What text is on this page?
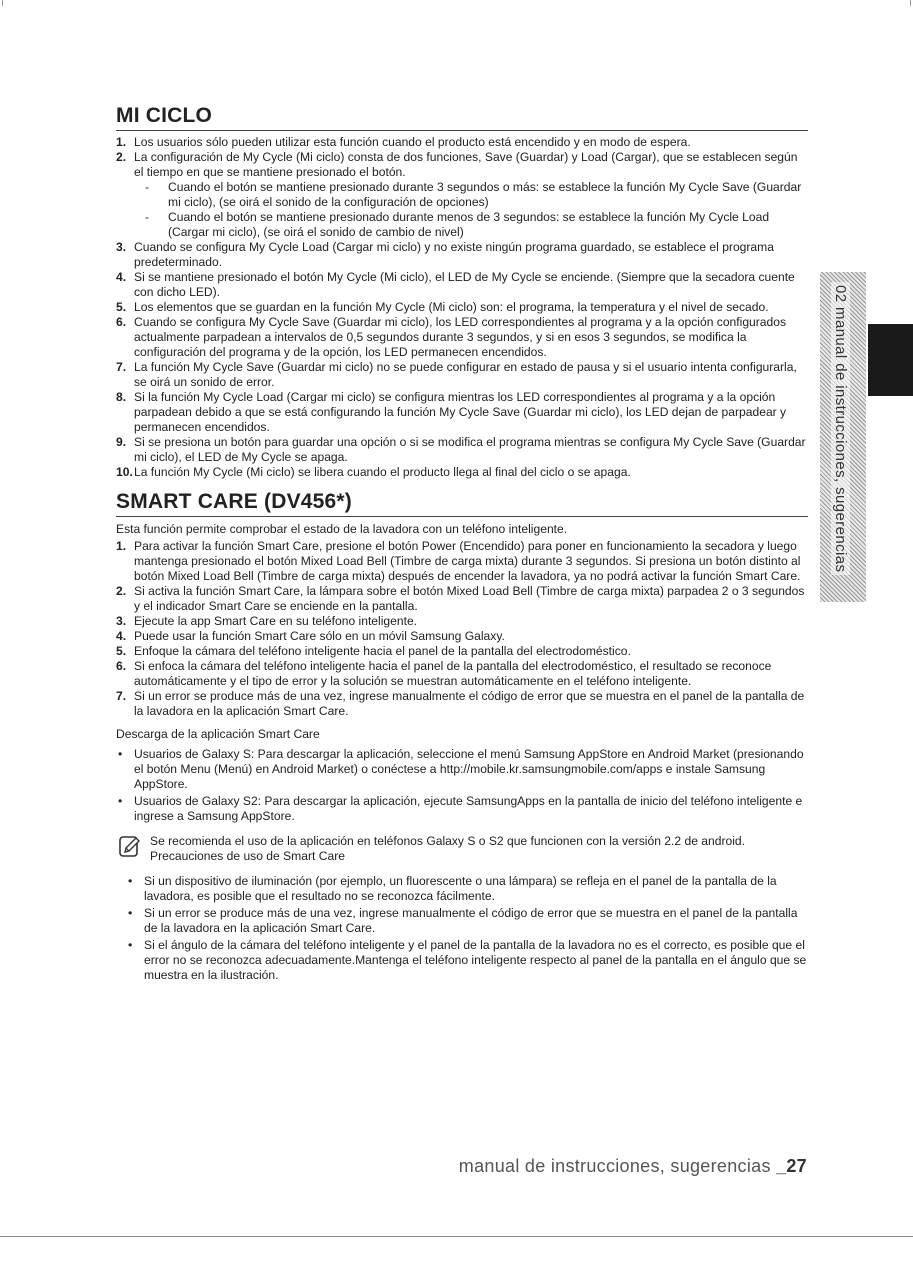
02 manual de instrucciones, sugerencias
MI CICLO
1. Los usuarios sólo pueden utilizar esta función cuando el producto está encendido y en modo de espera.
2. La configuración de My Cycle (Mi ciclo) consta de dos funciones, Save (Guardar) y Load (Cargar), que se establecen según el tiempo en que se mantiene presionado el botón.
- Cuando el botón se mantiene presionado durante 3 segundos o más: se establece la función My Cycle Save (Guardar mi ciclo), (se oirá el sonido de la configuración de opciones)
- Cuando el botón se mantiene presionado durante menos de 3 segundos: se establece la función My Cycle Load (Cargar mi ciclo), (se oirá el sonido de cambio de nivel)
3. Cuando se configura My Cycle Load (Cargar mi ciclo) y no existe ningún programa guardado, se establece el programa predeterminado.
4. Si se mantiene presionado el botón My Cycle (Mi ciclo), el LED de My Cycle se enciende. (Siempre que la secadora cuente con dicho LED).
5. Los elementos que se guardan en la función My Cycle (Mi ciclo) son: el programa, la temperatura y el nivel de secado.
6. Cuando se configura My Cycle Save (Guardar mi ciclo), los LED correspondientes al programa y a la opción configurados actualmente parpadean a intervalos de 0,5 segundos durante 3 segundos, y si en esos 3 segundos, se modifica la configuración del programa y de la opción, los LED permanecen encendidos.
7. La función My Cycle Save (Guardar mi ciclo) no se puede configurar en estado de pausa y si el usuario intenta configurarla, se oirá un sonido de error.
8. Si la función My Cycle Load (Cargar mi ciclo) se configura mientras los LED correspondientes al programa y a la opción parpadean debido a que se está configurando la función My Cycle Save (Guardar mi ciclo), los LED dejan de parpadear y permanecen encendidos.
9. Si se presiona un botón para guardar una opción o si se modifica el programa mientras se configura My Cycle Save (Guardar mi ciclo), el LED de My Cycle se apaga.
10. La función My Cycle (Mi ciclo) se libera cuando el producto llega al final del ciclo o se apaga.
SMART CARE (DV456*)

Esta función permite comprobar el estado de la lavadora con un teléfono inteligente.

1. Para activar la función Smart Care, presione el botón Power (Encendido) para poner en funcionamiento la secadora y luego mantenga presionado el botón Mixed Load Bell (Timbre de carga mixta) durante 3 segundos. Si presiona un botón distinto al botón Mixed Load Bell (Timbre de carga mixta) después de encender la lavadora, ya no podrá activar la función Smart Care.
2. Si activa la función Smart Care, la lámpara sobre el botón Mixed Load Bell (Timbre de carga mixta) parpadea 2 o 3 segundos y el indicador Smart Care se enciende en la pantalla.
3. Ejecute la app Smart Care en su teléfono inteligente.
4. Puede usar la función Smart Care sólo en un móvil Samsung Galaxy.
5. Enfoque la cámara del teléfono inteligente hacia el panel de la pantalla del electrodoméstico.
6. Si enfoca la cámara del teléfono inteligente hacia el panel de la pantalla del electrodoméstico, el resultado se reconoce automáticamente y el tipo de error y la solución se muestran automáticamente en el teléfono inteligente.
7. Si un error se produce más de una vez, ingrese manualmente el código de error que se muestra en el panel de la pantalla de la lavadora en la aplicación Smart Care.

Descarga de la aplicación Smart Care

• Usuarios de Galaxy S: Para descargar la aplicación, seleccione el menú Samsung AppStore en Android Market (presionando el botón Menu (Menú) en Android Market) o conéctese a http://mobile.kr.samsungmobile.com/apps e instale Samsung AppStore.
• Usuarios de Galaxy S2: Para descargar la aplicación, ejecute SamsungApps en la pantalla de inicio del teléfono inteligente e ingrese a Samsung AppStore.

Se recomienda el uso de la aplicación en teléfonos Galaxy S o S2 que funcionen con la versión 2.2 de android.

Precauciones de uso de Smart Care

• Si un dispositivo de iluminación (por ejemplo, un fluorescente o una lámpara) se refleja en el panel de la pantalla de la lavadora, es posible que el resultado no se reconozca fácilmente.
• Si un error se produce más de una vez, ingrese manualmente el código de error que se muestra en el panel de la pantalla de la lavadora en la aplicación Smart Care.
• Si el ángulo de la cámara del teléfono inteligente y el panel de la pantalla de la lavadora no es el correcto, es posible que el error no se reconozca adecuadamente.Mantenga el teléfono inteligente respecto al panel de la pantalla en el ángulo que se muestra en la ilustración.
manual de instrucciones, sugerencias _27
